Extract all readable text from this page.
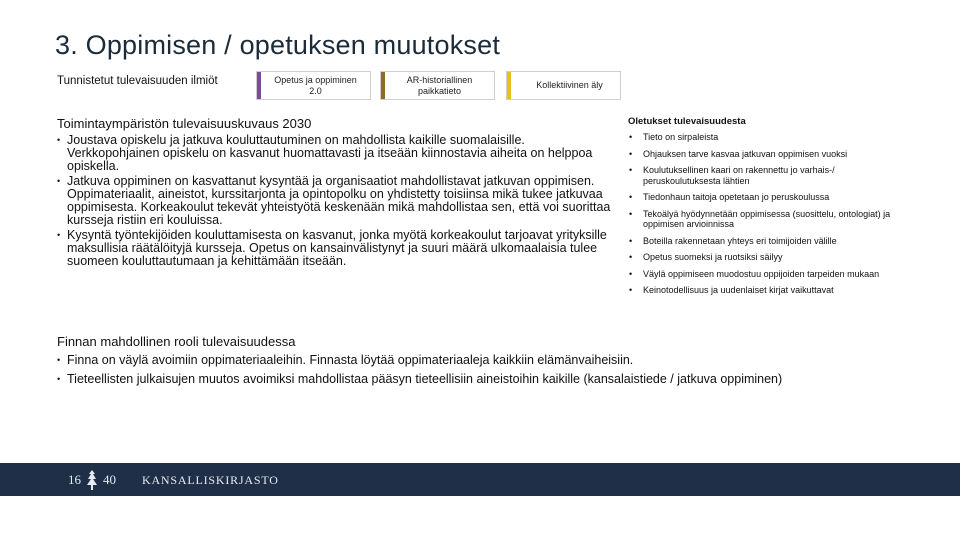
3. Oppimisen / opetuksen muutokset
Tunnistetut tulevaisuuden ilmiöt	Opetus ja oppiminen 2.0
AR-historiallinen paikkatieto
Kollektiivinen äly
Toimintaympäristön tulevaisuuskuvaus 2030
• Joustava opiskelu ja jatkuva kouluttautuminen on mahdollista kaikille suomalaisille. Verkkopohjainen opiskelu on kasvanut huomattavasti ja itseään kiinnostavia aiheita on helppoa opiskella.
• Jatkuva oppiminen on kasvattanut kysyntää ja organisaatiot mahdollistavat jatkuvan oppimisen. Oppimateriaalit, aineistot, kurssitarjonta ja opintopolku on yhdistetty toisiinsa mikä tukee jatkuvaa oppimisesta. Korkeakoulut tekevät yhteistyötä keskenään mikä mahdollistaa sen, että voi suorittaa kursseja ristiin eri kouluissa.
• Kysyntä työntekijöiden kouluttamisesta on kasvanut, jonka myötä korkeakoulut tarjoavat yrityksille maksullisia räätälöityjä kursseja. Opetus on kansainvälistynyt ja suuri määrä ulkomaalaisia tulee suomeen kouluttautumaan ja kehittämään itseään.
Oletukset tulevaisuudesta
• Tieto on sirpaleista
• Ohjauksen tarve kasvaa jatkuvan oppimisen vuoksi
• Koulutuksellinen kaari on rakennettu jo varhais-/ peruskoulutuksesta lähtien
• Tiedonhaun taitoja opetetaan jo peruskoulussa
• Tekoälyä hyödynnetään oppimisessa (suosittelu, ontologiat) ja oppimisen arvioinnissa
• Boteilla rakennetaan yhteys eri toimijoiden välille
• Opetus suomeksi ja ruotsiksi säilyy
• Väylä oppimiseen muodostuu oppijoiden tarpeiden mukaan
• Keinotodellisuus ja uudenlaiset kirjat vaikuttavat
Finnan mahdollinen rooli tulevaisuudessa
• Finna on väylä avoimiin oppimateriaaleihin. Finnasta löytää oppimateriaaleja kaikkiin elämänvaiheisiin.
• Tieteellisten julkaisujen muutos avoimiksi mahdollistaa pääsyn tieteellisiin aineistoihin kaikille (kansalaistiede / jatkuva oppiminen)
16 40 KANSALLISKIRJASTO
